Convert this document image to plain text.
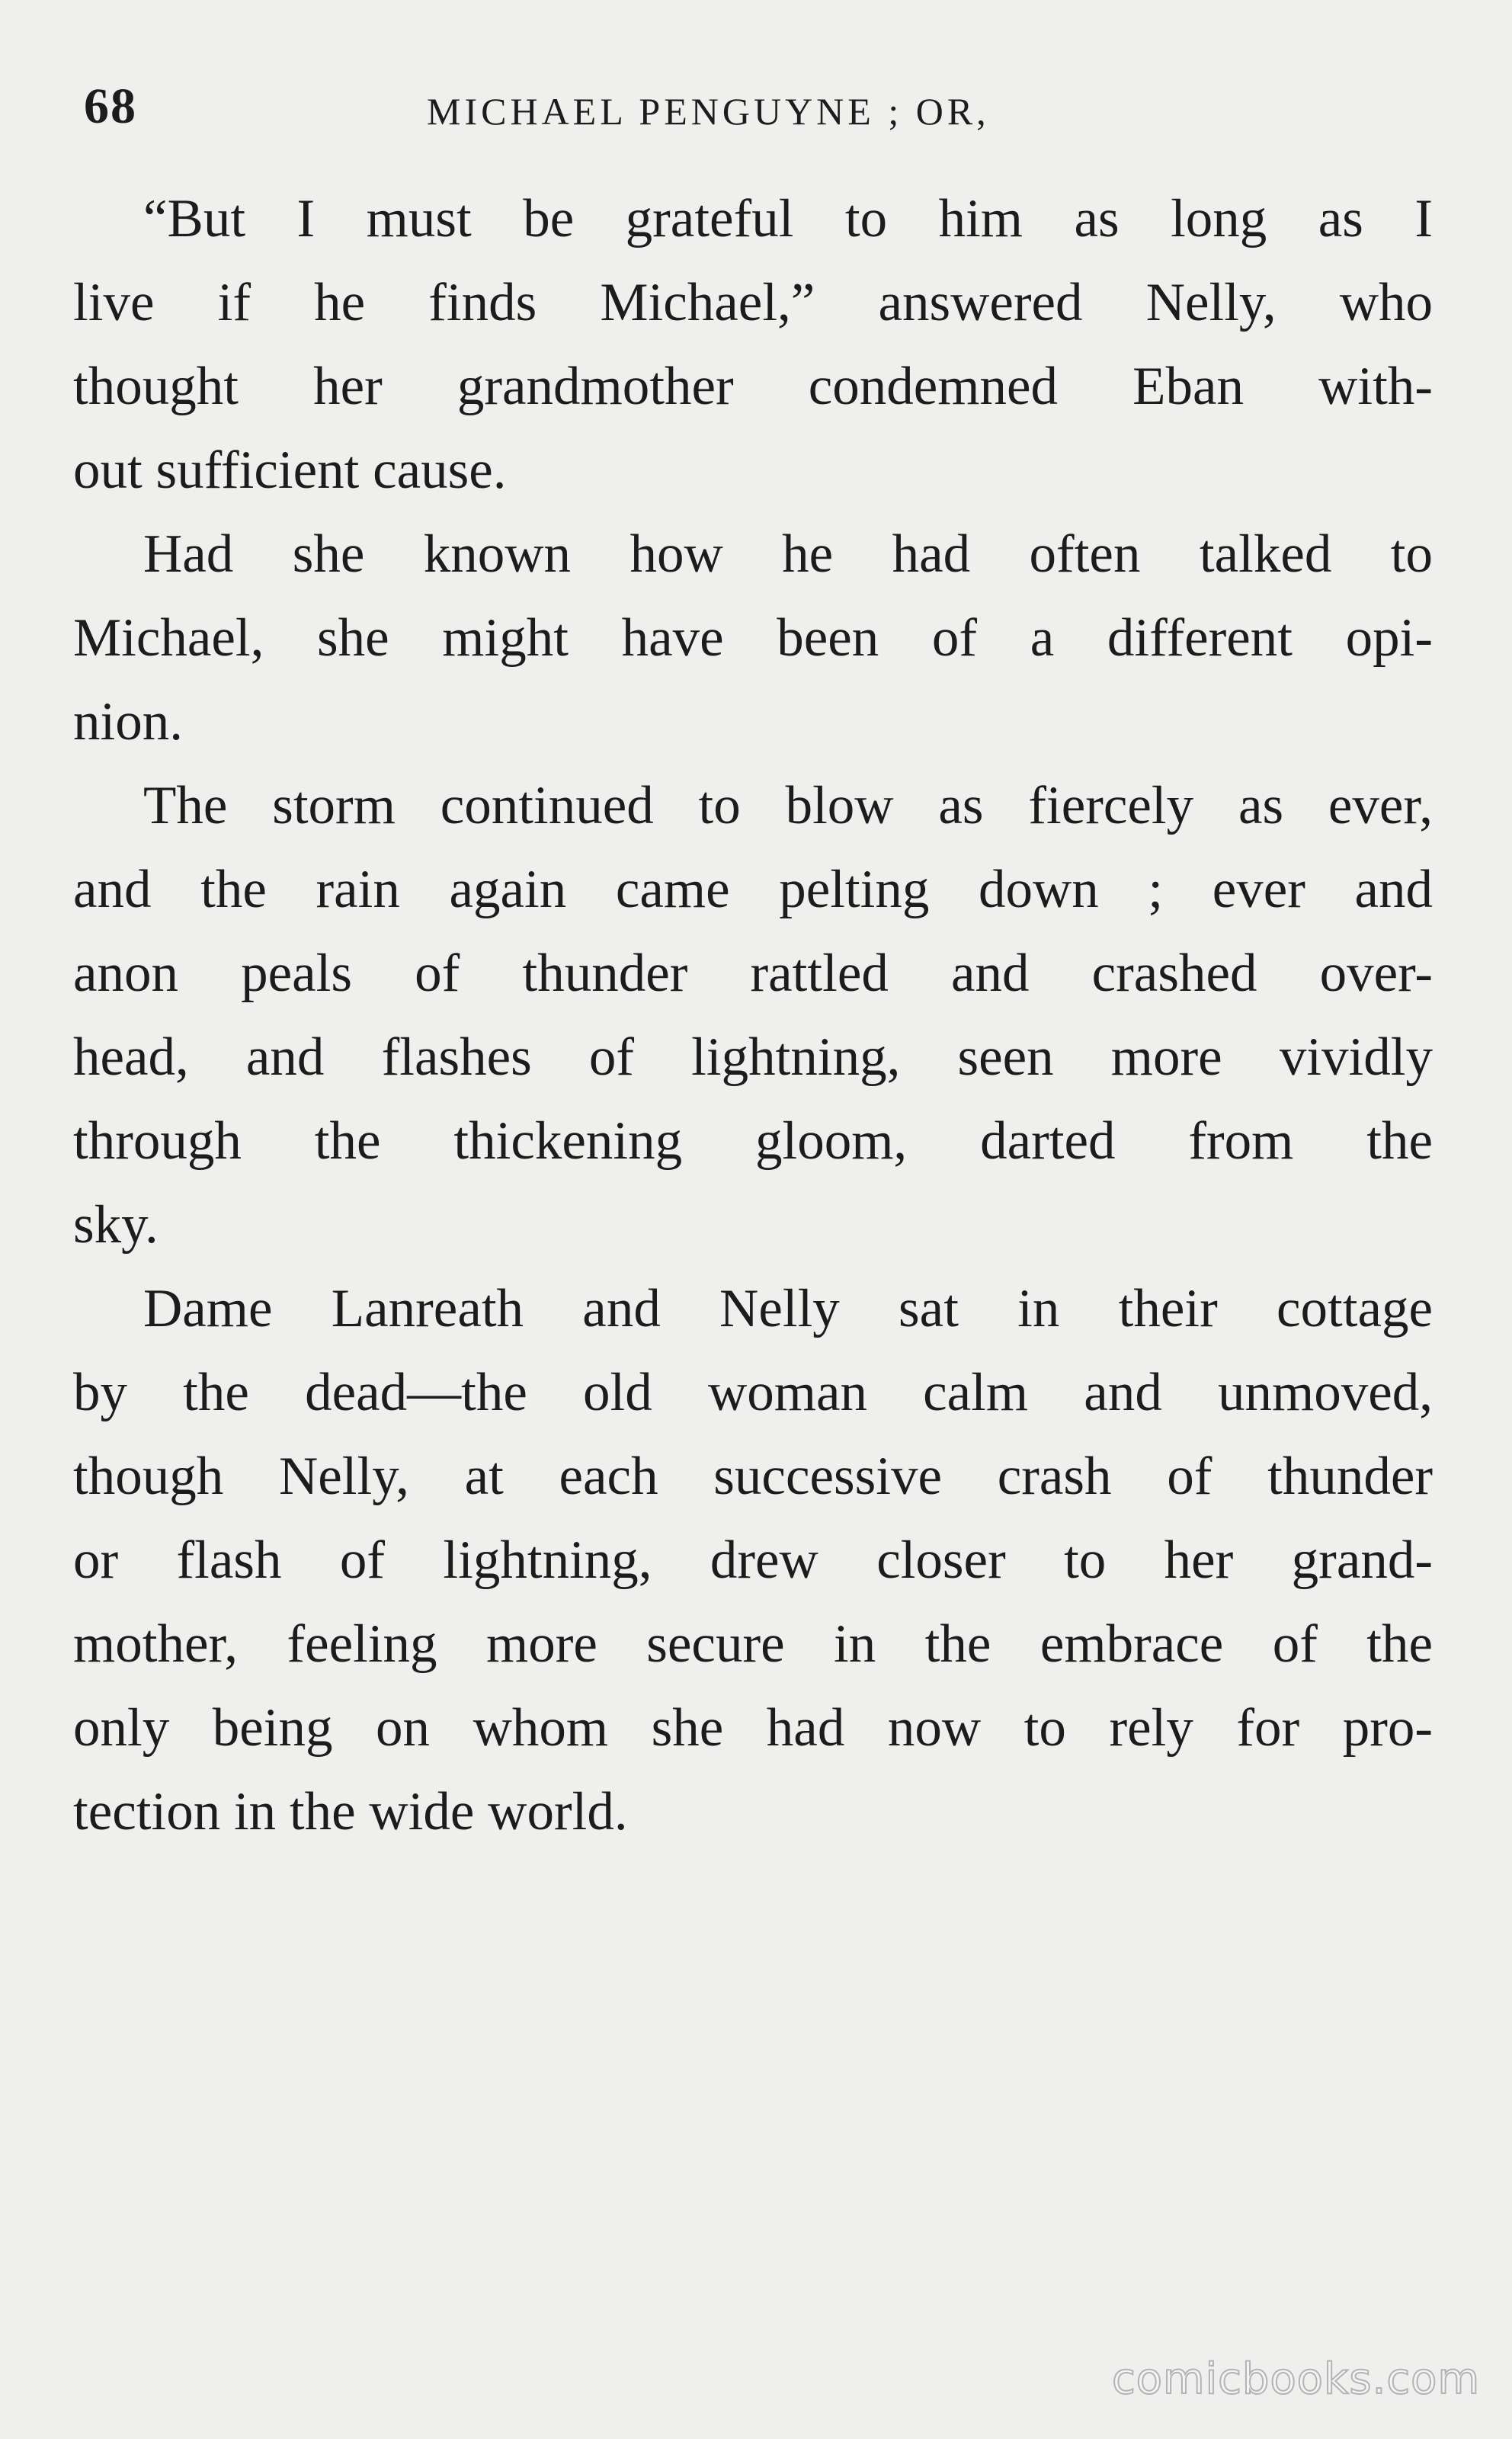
68	MICHAEL PENGUYNE ; OR,

“But I must be grateful to him as long as I
live if he finds Michael,” answered Nelly, who
thought her grandmother condemned Eban with-
out sufficient cause.

Had she known how he had often talked to
Michael, she might have been of a different opi-
nion.

The storm continued to blow as fiercely as ever,
and the rain again came pelting down ; ever and
anon peals of thunder rattled and crashed over-
head, and flashes of lightning, seen more vividly
through the thickening gloom, darted from the
sky.

Dame Lanreath and Nelly sat in their cottage
by the dead—the old woman calm and unmoved,
though Nelly, at each successive crash of thunder
or flash of lightning, drew closer to her grand-
mother, feeling more secure in the embrace of the
only being on whom she had now to rely for pro-
tection in the wide world.

comicbooks.com
